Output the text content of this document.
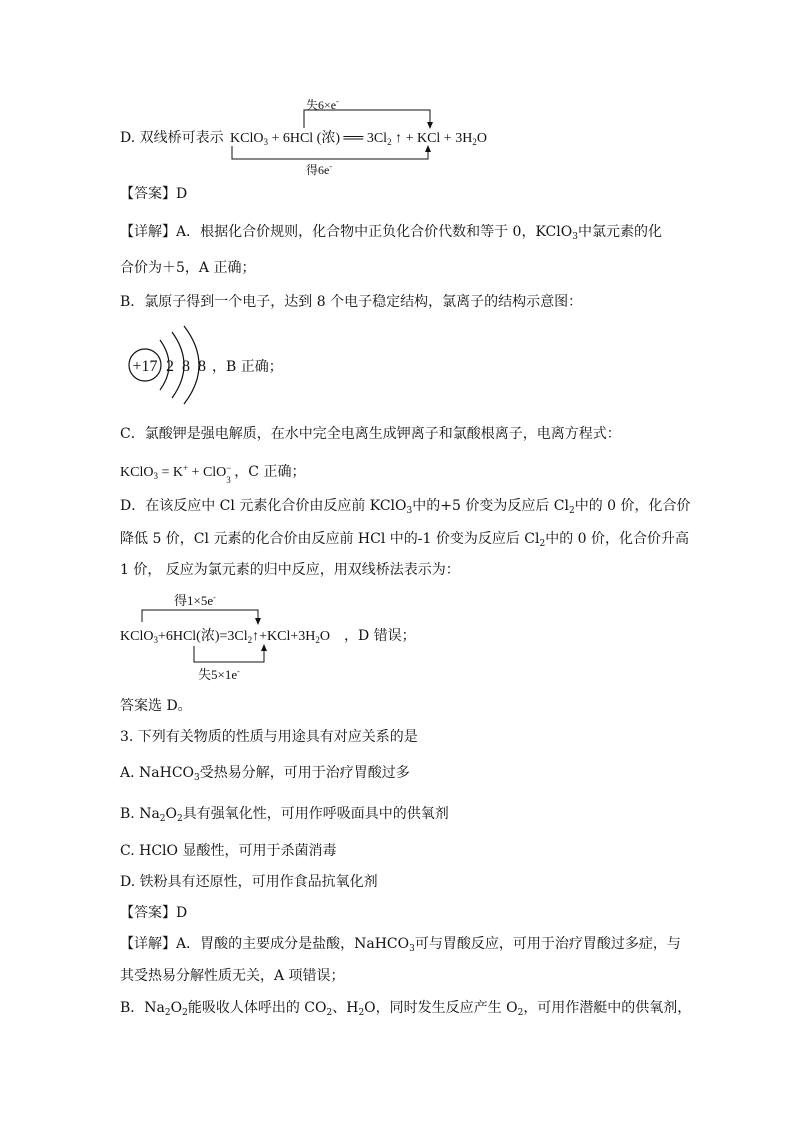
D. 双线桥可表示
失6×e-
得6e-
KClO$_3$ + 6HCl (浓) ══ $3Cl_2$ ↑ + KCl + $3H_2O$
【答案】D
【详解】A．根据化合价规则，化合物中正负化合价代数和等于 0，KClO$_3$中氯元素的化
合价为＋5，A 正确；
B．氯原子得到一个电子，达到 8 个电子稳定结构，氯离子的结构示意图：
+17 2 8 8 ，B 正确；
C．氯酸钾是强电解质，在水中完全电离生成钾离子和氯酸根离子，电离方程式：
KClO$_3$ = K+ + ClO −
3 ，C 正确；
D．在该反应中 Cl 元素化合价由反应前 KClO$_3$中的+5 价变为反应后 $Cl_2$中的 0 价，化合价
降低 5 价，Cl 元素的化合价由反应前 HCl 中的-1 价变为反应后 $Cl_2$中的 0 价，化合价升高
1 价， 反应为氯元素的归中反应，用双线桥法表示为：
得1×5e-
KClO$_3$+6HCl(浓)$=3Cl_2↑+KCl+3H_2O$
失5×1e-
，D 错误；
答案选 D。
3. 下列有关物质的性质与用途具有对应关系的是
A. NaHCO$_3$受热易分解，可用于治疗胃酸过多
B. $Na_2O_2$具有强氧化性，可用作呼吸面具中的供氧剂
C. HClO 显酸性，可用于杀菌消毒
D. 铁粉具有还原性，可用作食品抗氧化剂
【答案】D
【详解】A．胃酸的主要成分是盐酸，NaHCO$_3$可与胃酸反应，可用于治疗胃酸过多症，与
其受热易分解性质无关，A 项错误；
B．$Na_2O_2$能吸收人体呼出的 $CO_2$、$H_2O$，同时发生反应产生 $O_2$，可用作潜艇中的供氧剂，
